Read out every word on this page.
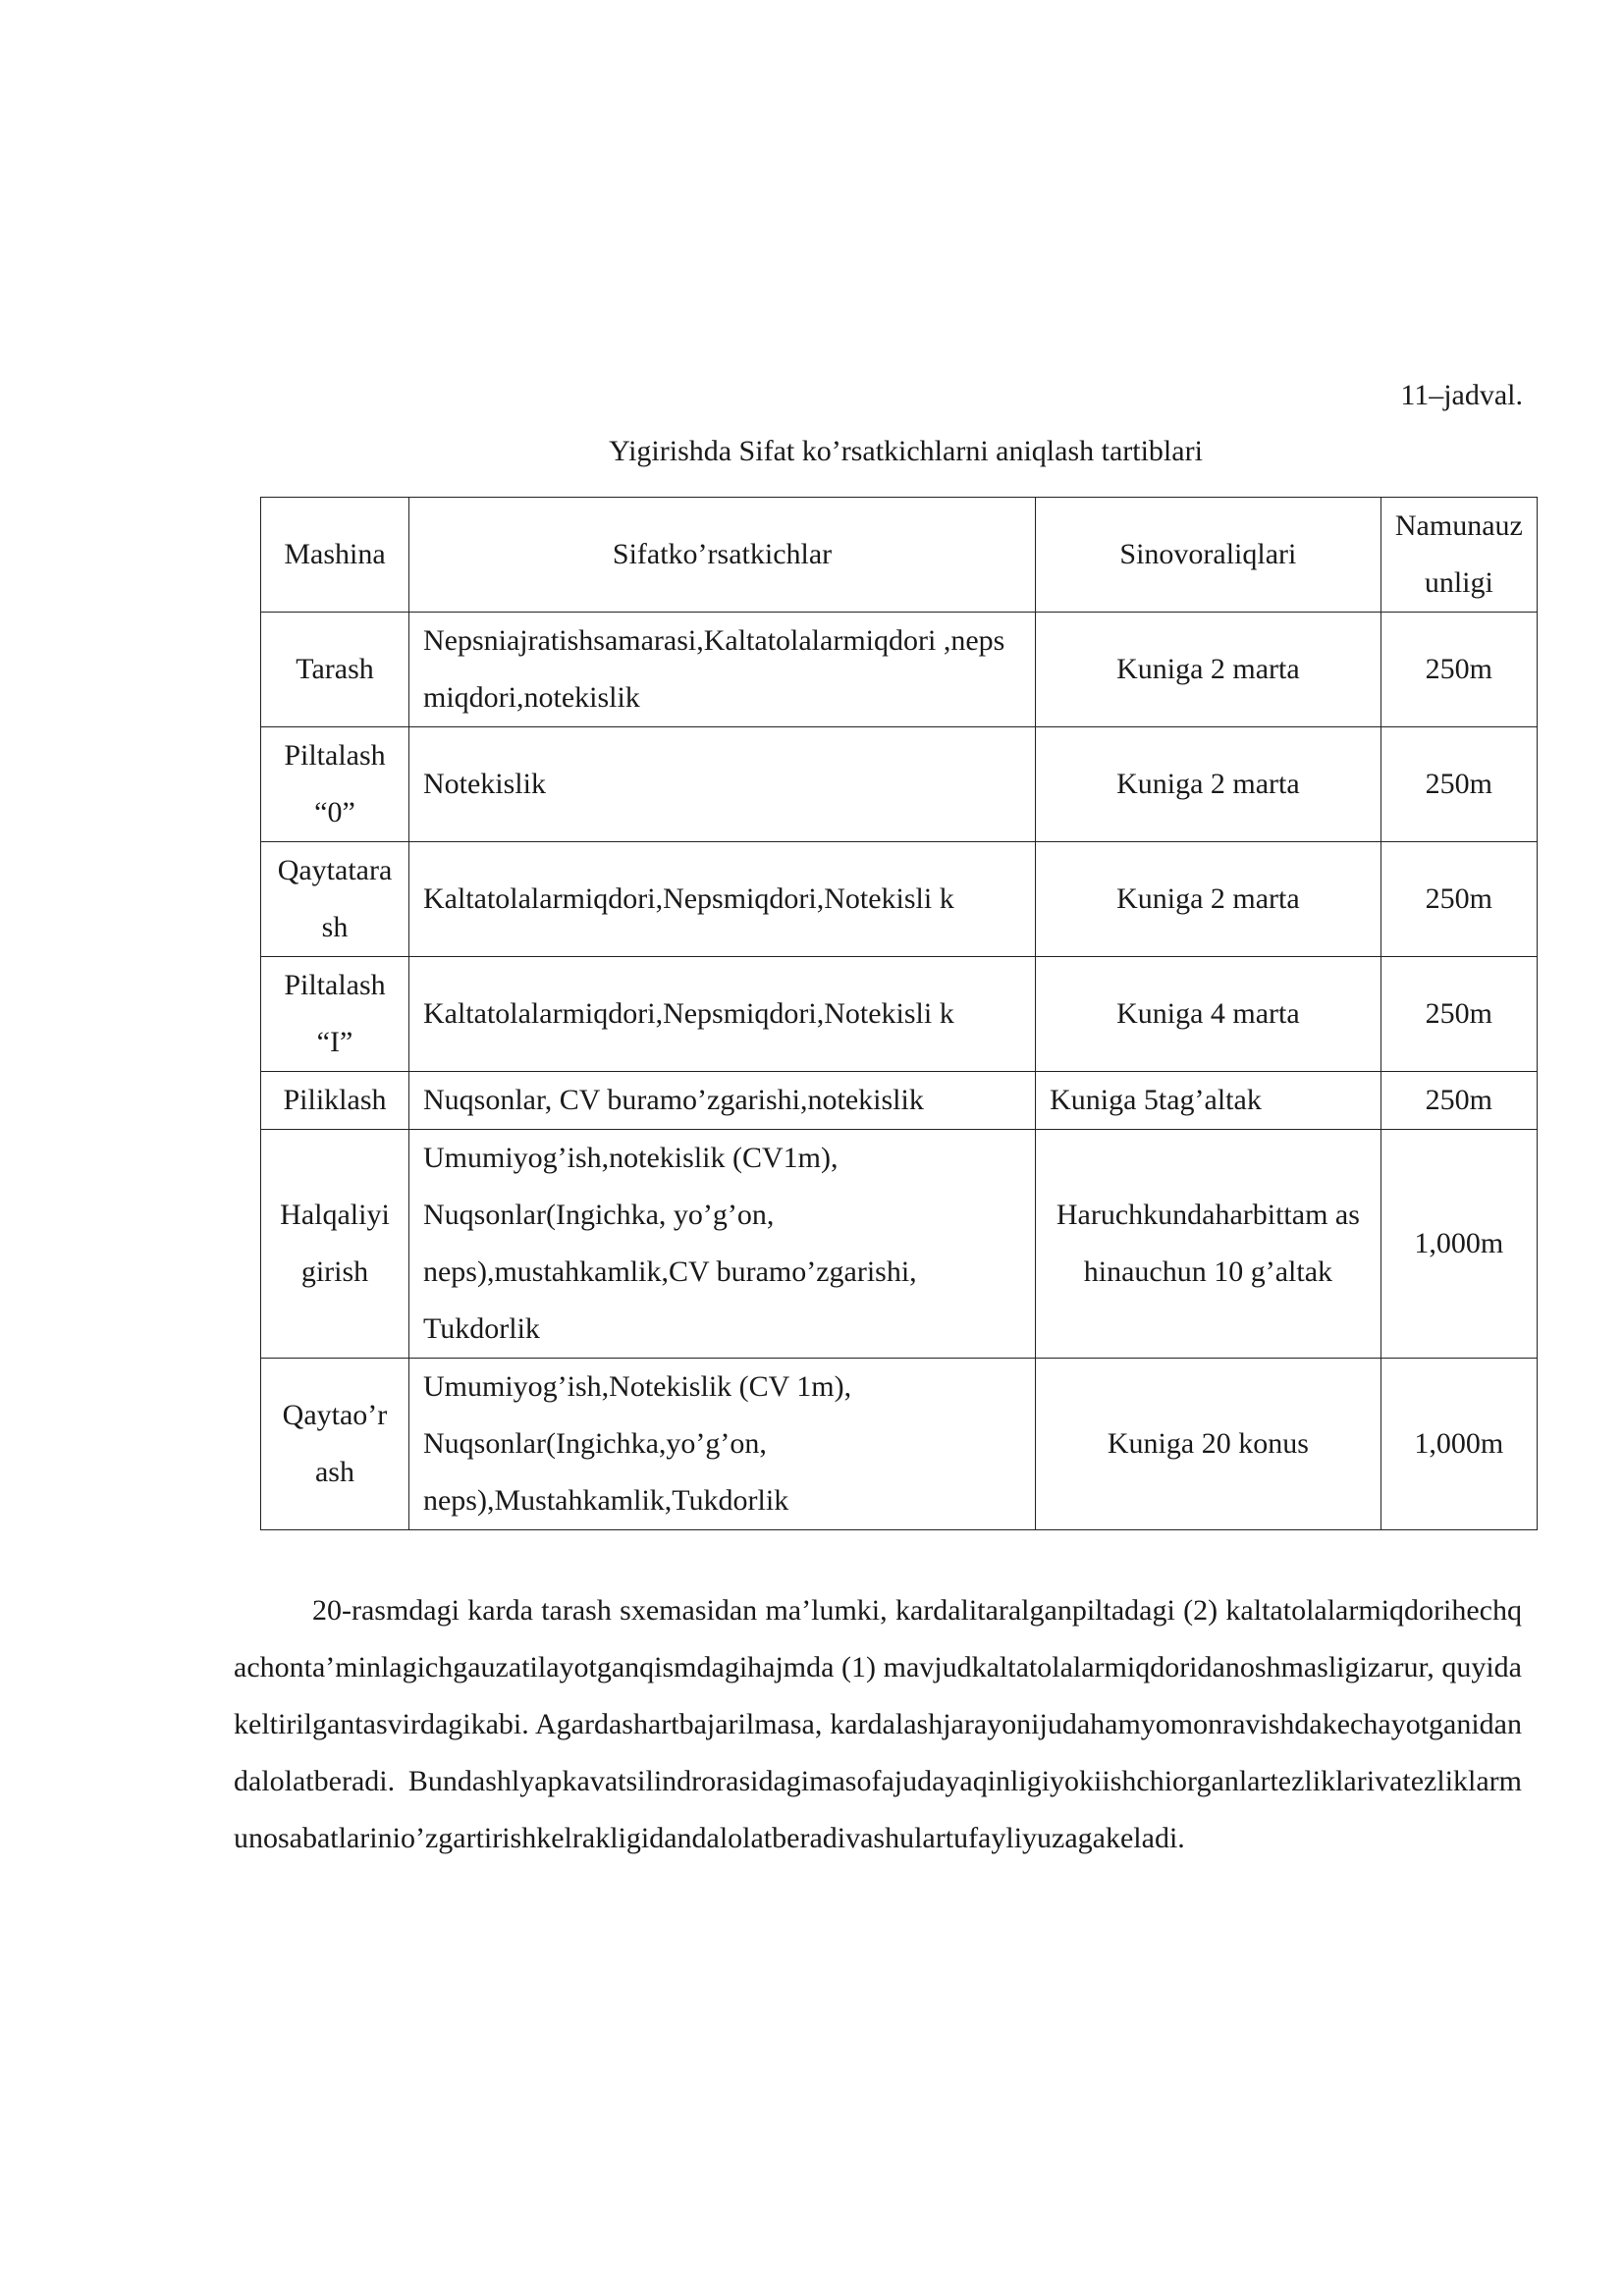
11–jadval.
Yigirishda Sifat ko’rsatkichlarni aniqlash tartiblari
Mashina	Sifatko’rsatkichlar	Sinovoraliqlari	Namunauz unligi
Tarash	Nepsniajratishsamarasi,Kaltatolalarmiqdori ,nepsmiqdori,notekislik	Kuniga 2 marta	250m
Piltalash “0”	Notekislik	Kuniga 2 marta	250m
Qaytatara sh	Kaltatolalarmiqdori,Nepsmiqdori,Notekisli k	Kuniga 2 marta	250m
Piltalash “I”	Kaltatolalarmiqdori,Nepsmiqdori,Notekisli k	Kuniga 4 marta	250m
Piliklash	Nuqsonlar, CV buramo’zgarishi,notekislik	Kuniga 5tag’altak	250m
Halqaliyi girish	Umumiyog’ish,notekislik (CV1m), Nuqsonlar(Ingichka, yo’g’on, neps),mustahkamlik,CV buramo’zgarishi, Tukdorlik	Haruchkundaharbittam ashinauchun 10 g’altak	1,000m
Qaytao’r ash	Umumiyog’ish,Notekislik (CV 1m), Nuqsonlar(Ingichka,yo’g’on, neps),Mustahkamlik,Tukdorlik	Kuniga 20 konus	1,000m

20-rasmdagi karda tarash sxemasidan ma’lumki, kardalitaralganpiltadagi (2) kaltatolalarmiqdorihechqachonta’minlagichgauzatilayotganqismdagihajmda (1) mavjudkaltatolalarmiqdoridanoshmasligizarur, quyidakeltirilgantasvirdagikabi. Agardashartbajarilmasa, kardalashjarayonijudahamyomonravishdakechayotganidandalolatberadi. Bundashlyapkavatsilindrorasidagimasofajudayaqinligiyokiishchiorganlartezliklarivatezliklarmunosabatlarinio’zgartirishkelrakligidandalolatberadivashulartufayliyuzagakeladi.
